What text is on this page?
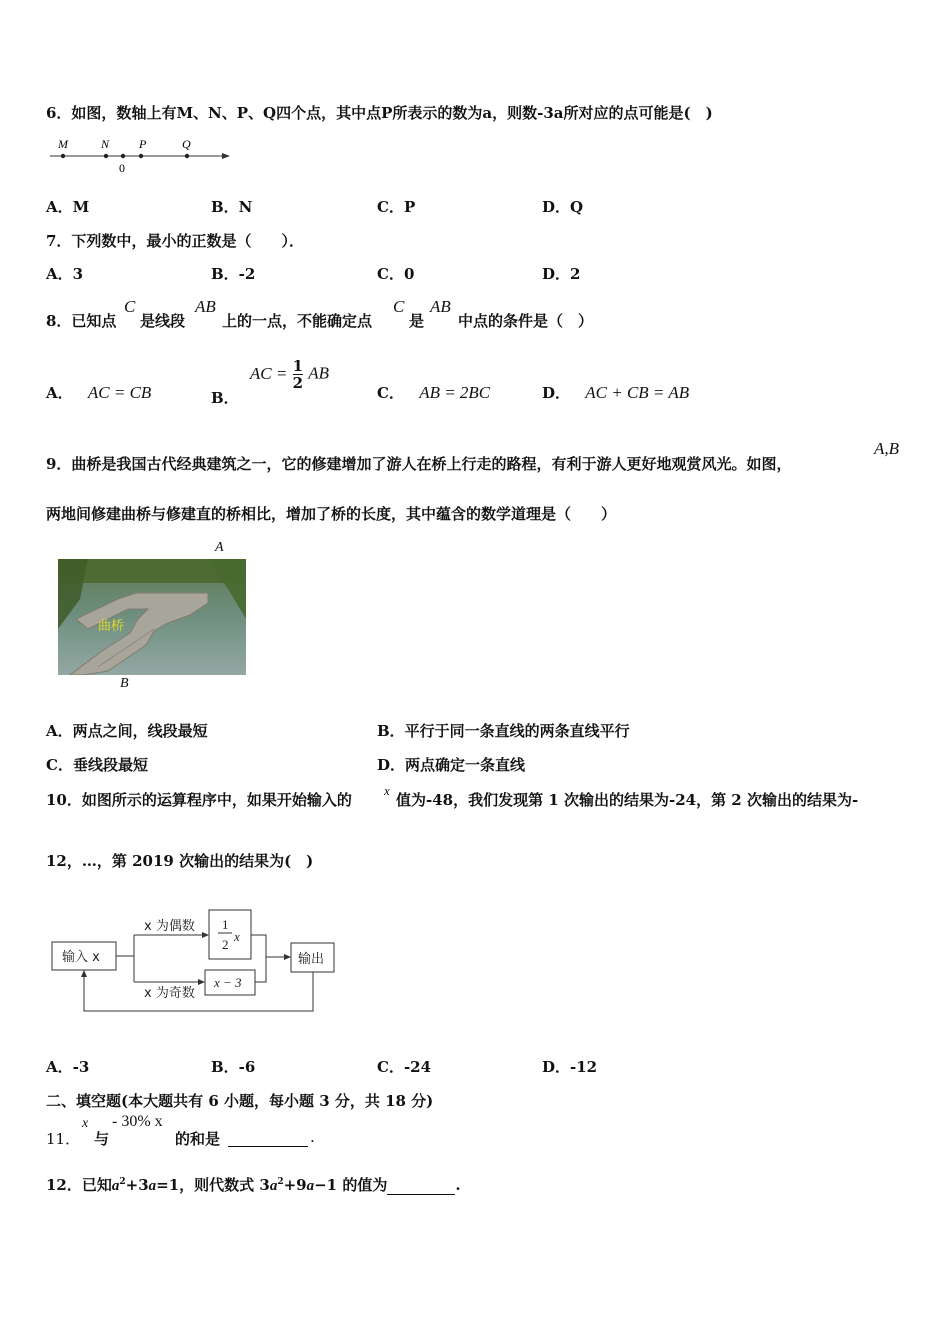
6．如图，数轴上有M、N、P、Q四个点，其中点P所表示的数为a，则数-3a所对应的点可能是(　)
M	N P	Q
0
A．M	B．N	C．P	D．Q
7．下列数中，最小的正数是（　　）．
A．3	B．-2	C．0	D．2
8．已知点
C
是线段
AB
上的一点，不能确定点
C
是
AB
中点的条件是（　）
A． AC = CB	B． AC = $\frac{1}{2}$ AB
C． AB = 2BC	D． AC + CB = AB
9．曲桥是我国古代经典建筑之一，它的修建增加了游人在桥上行走的路程，有利于游人更好地观赏风光。如图，
A,B
两地间修建曲桥与修建直的桥相比，增加了桥的长度，其中蕴含的数学道理是（　　）
A
曲桥
B
A．两点之间，线段最短	B．平行于同一条直线的两条直线平行
C．垂线段最短	D．两点确定一条直线
10．如图所示的运算程序中，如果开始输入的
x
值为-48，我们发现第 1 次输出的结果为-24，第 2 次输出的结果为-
12，…，第 2019 次输出的结果为(　)
输入 x
1
2
x
x − 3
输出
x 为偶数
x 为奇数
A．-3	B．-6	C．-24	D．-12
二、填空题(本大题共有 6 小题，每小题 3 分，共 18 分)
11．
x
与
- 30% x
的和是
	.
12．已知$a^2+3a=1$，则代数式 $3a^2+9a-1$ 的值为	.
